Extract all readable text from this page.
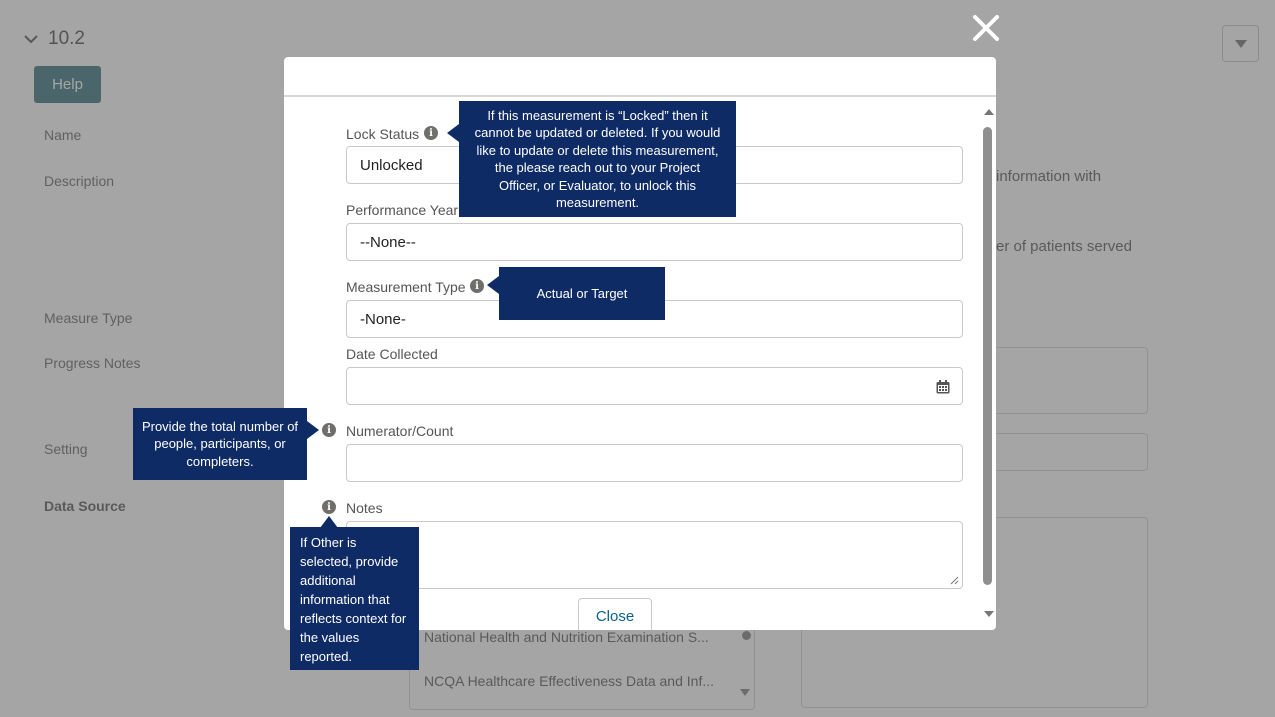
Lock Status i
Unlocked
Performance Year
--None--
Measurement Type i
-None-
Date Collected
i	Numerator/Count
i	Notes
Close
If this measurement is “Locked” then it cannot be updated or deleted. If you would like to update or delete this measurement, the please reach out to your Project Officer, or Evaluator, to unlock this measurement.
Actual or Target
Provide the total number of people, participants, or completers.
If Other is selected, provide additional information that reflects context for the values reported.
